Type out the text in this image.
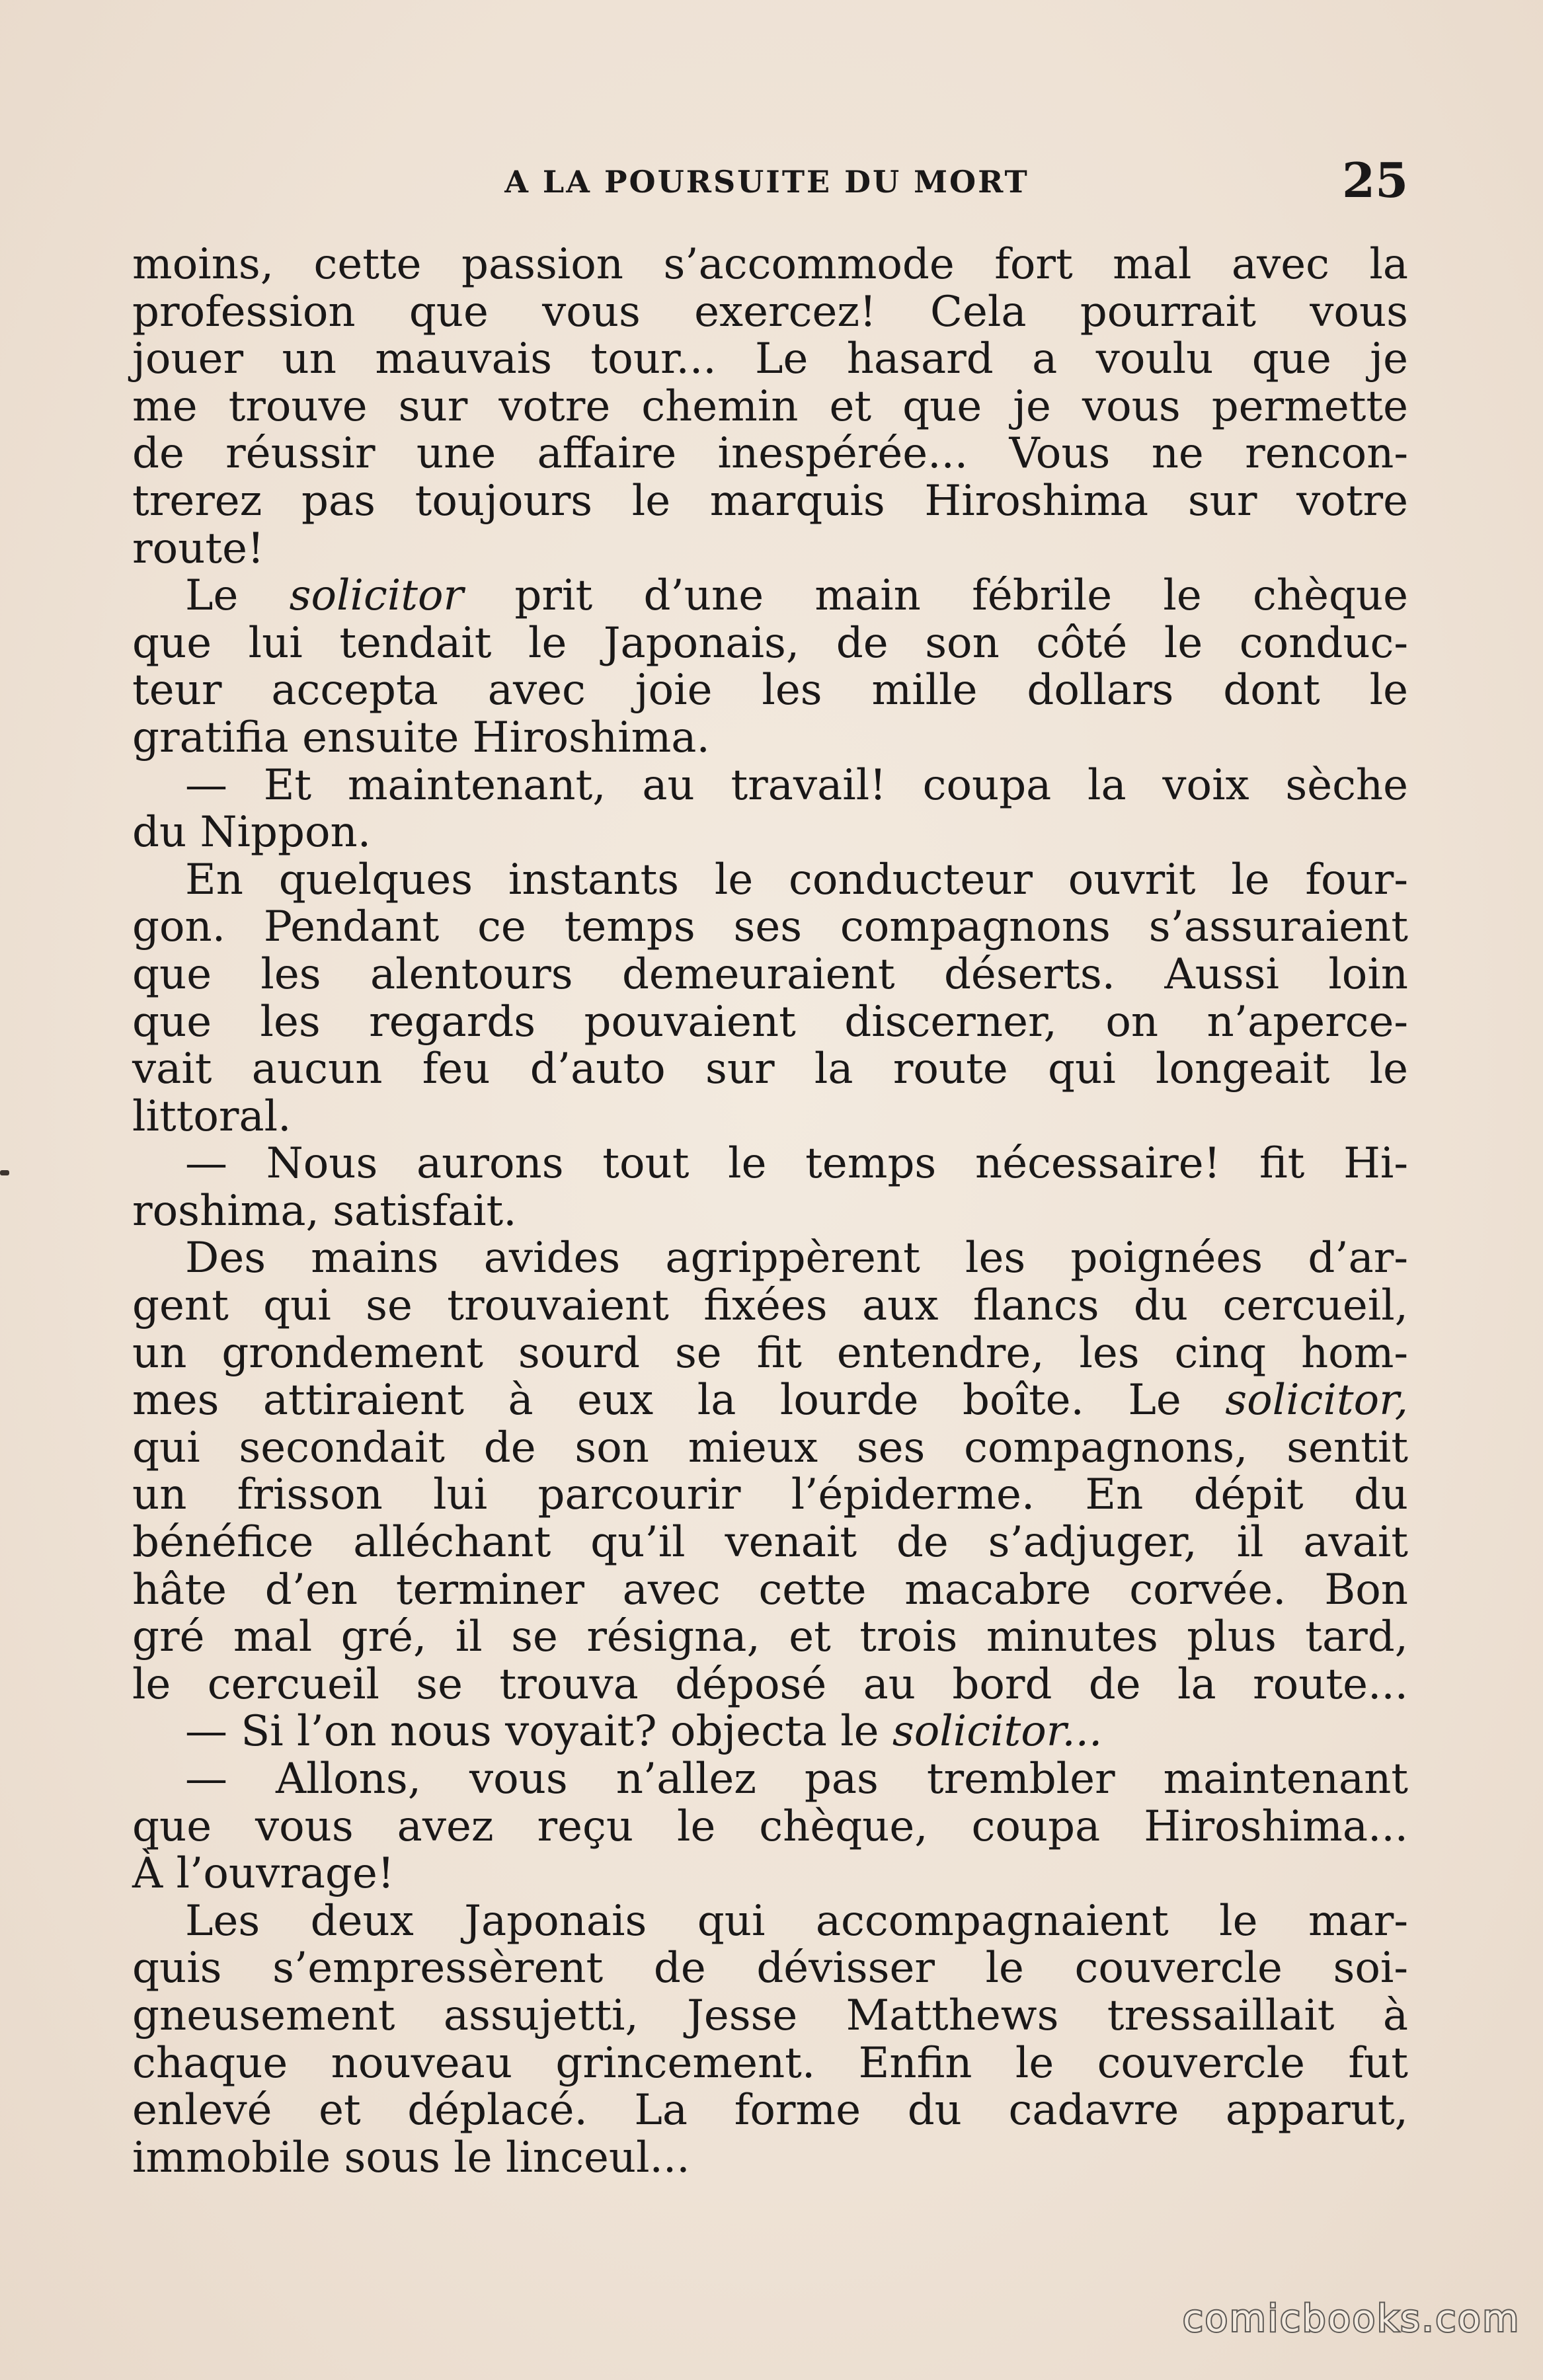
A LA POURSUITE DU MORT	25

moins, cette passion s’accommode fort mal avec la

profession que vous exercez! Cela pourrait vous

jouer un mauvais tour... Le hasard a voulu que je

me trouve sur votre chemin et que je vous permette

de réussir une affaire inespérée... Vous ne rencon-

trerez pas toujours le marquis Hiroshima sur votre

route!

Le solicitor prit d’une main fébrile le chèque

que lui tendait le Japonais, de son côté le conduc-

teur accepta avec joie les mille dollars dont le

gratifia ensuite Hiroshima.

— Et maintenant, au travail! coupa la voix sèche

du Nippon.

En quelques instants le conducteur ouvrit le four-

gon. Pendant ce temps ses compagnons s’assuraient

que les alentours demeuraient déserts. Aussi loin

que les regards pouvaient discerner, on n’aperce-

vait aucun feu d’auto sur la route qui longeait le

littoral.

— Nous aurons tout le temps nécessaire! fit Hi-

roshima, satisfait.

Des mains avides agrippèrent les poignées d’ar-

gent qui se trouvaient fixées aux flancs du cercueil,

un grondement sourd se fit entendre, les cinq hom-

mes attiraient à eux la lourde boîte. Le solicitor,

qui secondait de son mieux ses compagnons, sentit

un frisson lui parcourir l’épiderme. En dépit du

bénéfice alléchant qu’il venait de s’adjuger, il avait

hâte d’en terminer avec cette macabre corvée. Bon

gré mal gré, il se résigna, et trois minutes plus tard,

le cercueil se trouva déposé au bord de la route...

— Si l’on nous voyait? objecta le solicitor...

— Allons, vous n’allez pas trembler maintenant

que vous avez reçu le chèque, coupa Hiroshima...

À l’ouvrage!

Les deux Japonais qui accompagnaient le mar-

quis s’empressèrent de dévisser le couvercle soi-

gneusement assujetti, Jesse Matthews tressaillait à

chaque nouveau grincement. Enfin le couvercle fut

enlevé et déplacé. La forme du cadavre apparut,

immobile sous le linceul...

comicbooks.com
